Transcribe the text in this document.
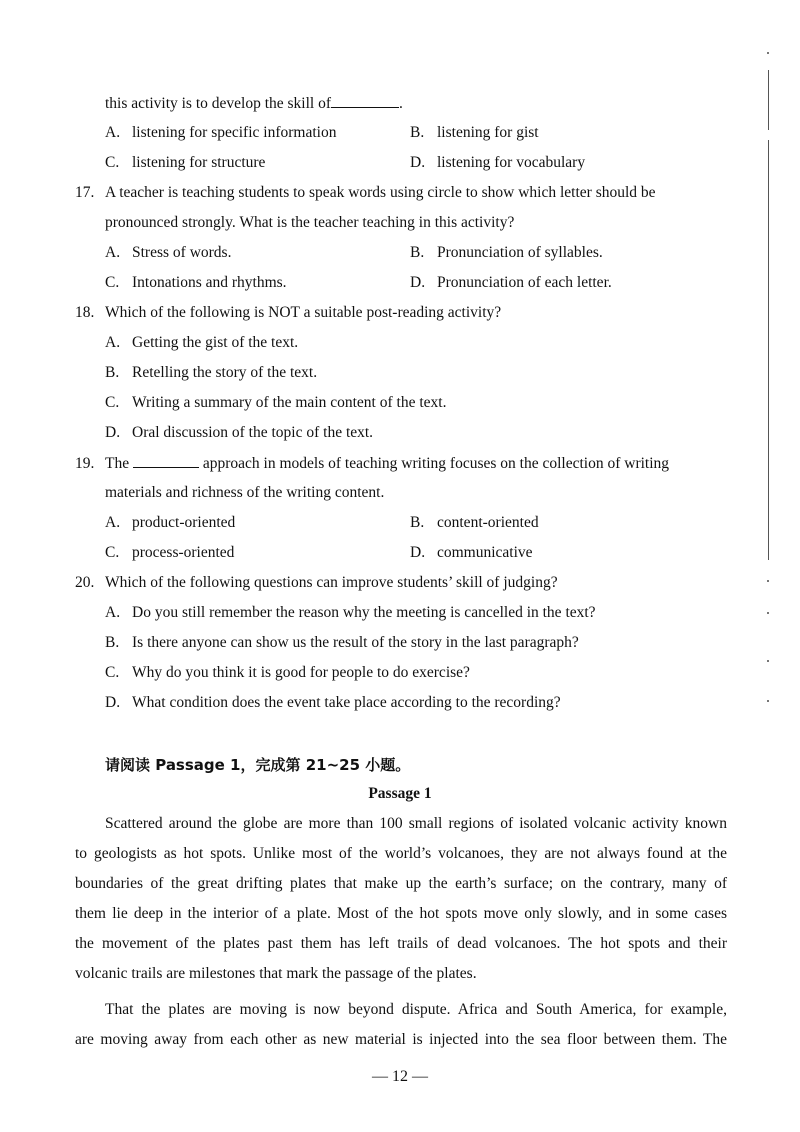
this activity is to develop the skill of	.
A. listening for specific information	B. listening for gist
C. listening for structure	D. listening for vocabulary
17. A teacher is teaching students to speak words using circle to show which letter should be
pronounced strongly. What is the teacher teaching in this activity?
A. Stress of words.	B. Pronunciation of syllables.
C. Intonations and rhythms.	D. Pronunciation of each letter.
18. Which of the following is NOT a suitable post-reading activity?
A. Getting the gist of the text.
B. Retelling the story of the text.
C. Writing a summary of the main content of the text.
D. Oral discussion of the topic of the text.
19. The	approach in models of teaching writing focuses on the collection of writing
materials and richness of the writing content.
A. product-oriented	B. content-oriented
C. process-oriented	D. communicative
20. Which of the following questions can improve students’ skill of judging?
A. Do you still remember the reason why the meeting is cancelled in the text?
B. Is there anyone can show us the result of the story in the last paragraph?
C. Why do you think it is good for people to do exercise?
D. What condition does the event take place according to the recording?
请阅读 Passage 1，完成第 21~25 小题。
Passage 1
Scattered around the globe are more than 100 small regions of isolated volcanic activity known
to geologists as hot spots. Unlike most of the world’s volcanoes, they are not always found at the
boundaries of the great drifting plates that make up the earth’s surface; on the contrary, many of
them lie deep in the interior of a plate. Most of the hot spots move only slowly, and in some cases
the movement of the plates past them has left trails of dead volcanoes. The hot spots and their
volcanic trails are milestones that mark the passage of the plates.
That the plates are moving is now beyond dispute. Africa and South America, for example,
are moving away from each other as new material is injected into the sea floor between them. The
— 12 —
